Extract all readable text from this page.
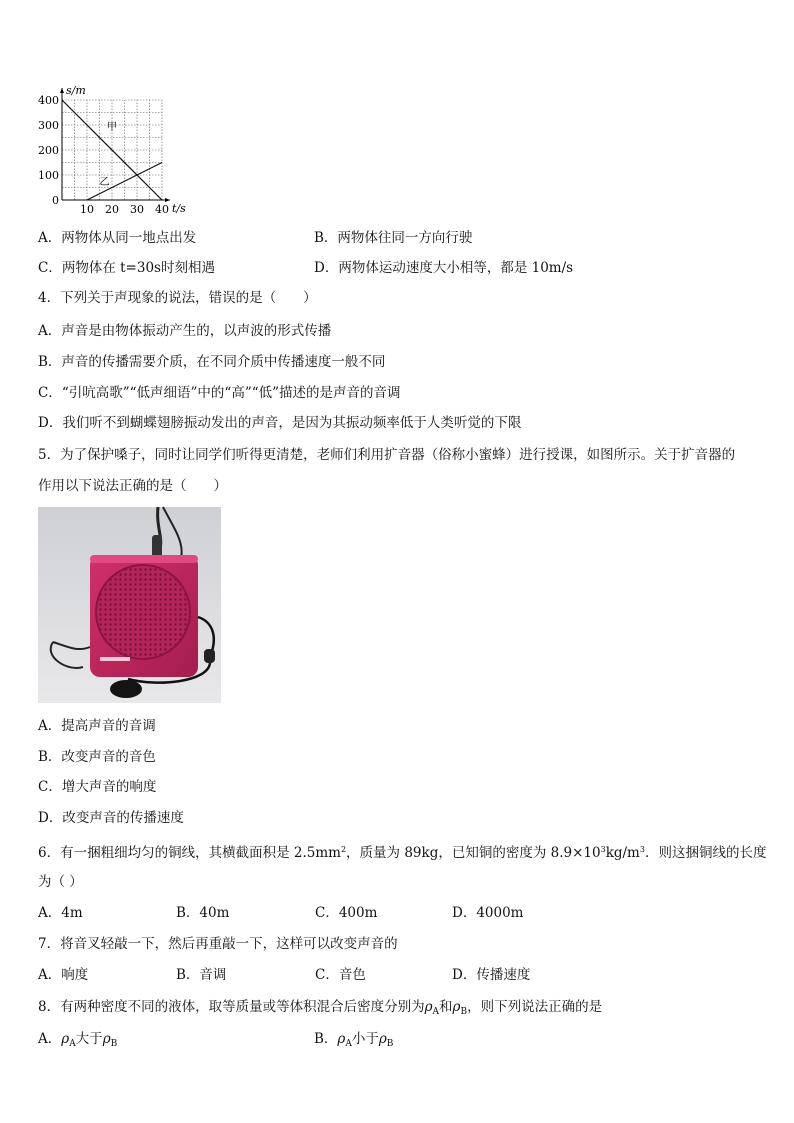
甲
乙
0
100
200
300
400
10 20 30 40 t/s
s/m
A．两物体从同一地点出发	B．两物体往同一方向行驶
C．两物体在 t=30s时刻相遇	D．两物体运动速度大小相等，都是 10m/s
4．下列关于声现象的说法，错误的是（　　）
A．声音是由物体振动产生的，以声波的形式传播
B．声音的传播需要介质，在不同介质中传播速度一般不同
C．“引吭高歌”“低声细语”中的“高”“低”描述的是声音的音调
D．我们听不到蝴蝶翅膀振动发出的声音，是因为其振动频率低于人类听觉的下限
5．为了保护嗓子，同时让同学们听得更清楚，老师们利用扩音器（俗称小蜜蜂）进行授课，如图所示。关于扩音器的
作用以下说法正确的是（　　）
A．提高声音的音调
B．改变声音的音色
C．增大声音的响度
D．改变声音的传播速度
6．有一捆粗细均匀的铜线，其横截面积是 $2.5mm^2$，质量为 89kg，已知铜的密度为 $8.9\times 10^3kg/m^3$．则这捆铜线的长度
为（ ）
A．4m	B．40m	C．400m	D．4000m
7．将音叉轻敲一下，然后再重敲一下，这样可以改变声音的
A．响度	B．音调	C．音色	D．传播速度
8．有两种密度不同的液体，取等质量或等体积混合后密度分别为$\rho_A$和$\rho_B$，则下列说法正确的是
A．$\rho_A$大于$\rho_B$	B．$\rho_A$小于$\rho_B$
